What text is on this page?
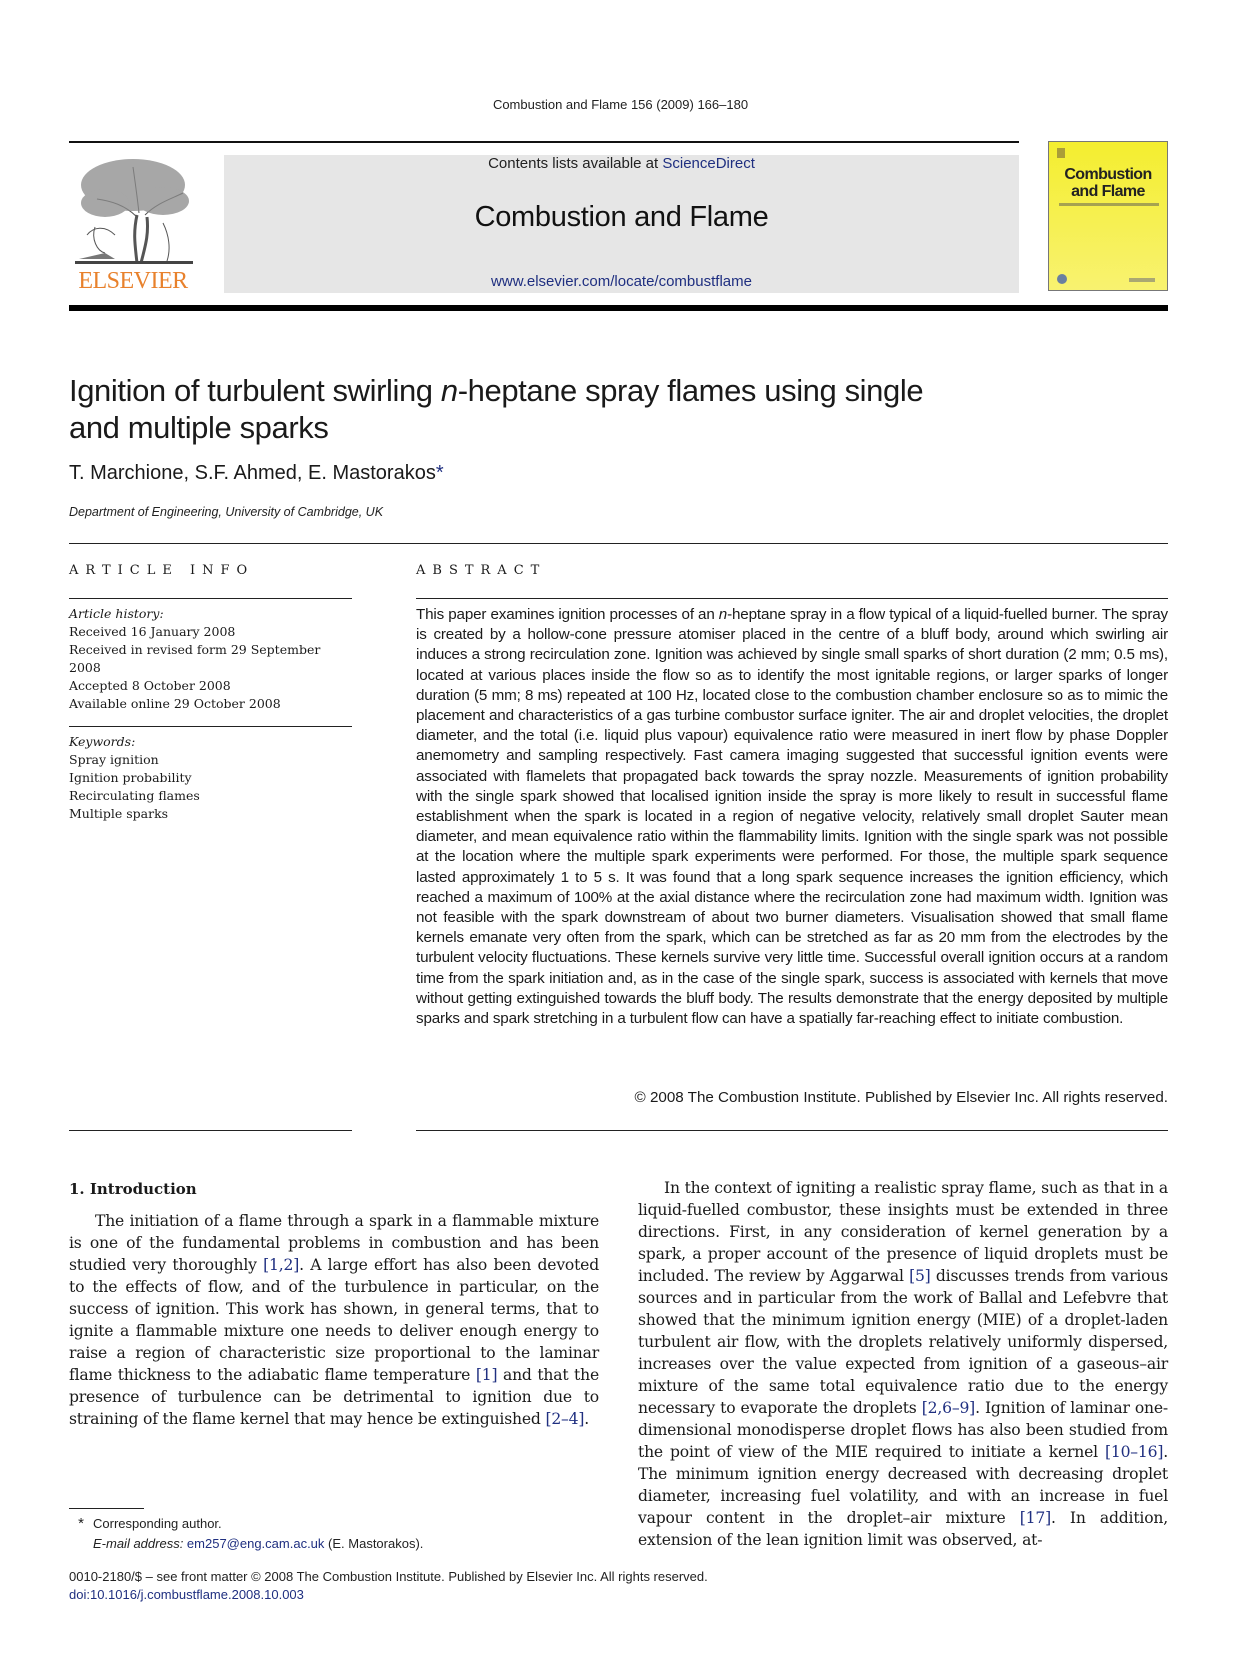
Combustion and Flame 156 (2009) 166–180
ELSEVIER
Contents lists available at ScienceDirect
Combustion and Flame
www.elsevier.com/locate/combustflame
Combustion
and Flame
Ignition of turbulent swirling n-heptane spray flames using single and multiple sparks
T. Marchione, S.F. Ahmed, E. Mastorakos*
Department of Engineering, University of Cambridge, UK
ARTICLE INFO	ABSTRACT
Article history:
Received 16 January 2008
Received in revised form 29 September 2008
Accepted 8 October 2008
Available online 29 October 2008
Keywords:
Spray ignition
Ignition probability
Recirculating flames
Multiple sparks
This paper examines ignition processes of an n-heptane spray in a flow typical of a liquid-fuelled burner. The spray is created by a hollow-cone pressure atomiser placed in the centre of a bluff body, around which swirling air induces a strong recirculation zone. Ignition was achieved by single small sparks of short duration (2 mm; 0.5 ms), located at various places inside the flow so as to identify the most ignitable regions, or larger sparks of longer duration (5 mm; 8 ms) repeated at 100 Hz, located close to the combustion chamber enclosure so as to mimic the placement and characteristics of a gas turbine combustor surface igniter. The air and droplet velocities, the droplet diameter, and the total (i.e. liquid plus vapour) equivalence ratio were measured in inert flow by phase Doppler anemometry and sampling respectively. Fast camera imaging suggested that successful ignition events were associated with flamelets that propagated back towards the spray nozzle. Measurements of ignition probability with the single spark showed that localised ignition inside the spray is more likely to result in successful flame establishment when the spark is located in a region of negative velocity, relatively small droplet Sauter mean diameter, and mean equivalence ratio within the flammability limits. Ignition with the single spark was not possible at the location where the multiple spark experiments were performed. For those, the multiple spark sequence lasted approximately 1 to 5 s. It was found that a long spark sequence increases the ignition efficiency, which reached a maximum of 100% at the axial distance where the recirculation zone had maximum width. Ignition was not feasible with the spark downstream of about two burner diameters. Visualisation showed that small flame kernels emanate very often from the spark, which can be stretched as far as 20 mm from the electrodes by the turbulent velocity fluctuations. These kernels survive very little time. Successful overall ignition occurs at a random time from the spark initiation and, as in the case of the single spark, success is associated with kernels that move without getting extinguished towards the bluff body. The results demonstrate that the energy deposited by multiple sparks and spark stretching in a turbulent flow can have a spatially far-reaching effect to initiate combustion.
© 2008 The Combustion Institute. Published by Elsevier Inc. All rights reserved.
1. Introduction
The initiation of a flame through a spark in a flammable mixture is one of the fundamental problems in combustion and has been studied very thoroughly [1,2]. A large effort has also been devoted to the effects of flow, and of the turbulence in particular, on the success of ignition. This work has shown, in general terms, that to ignite a flammable mixture one needs to deliver enough energy to raise a region of characteristic size proportional to the laminar flame thickness to the adiabatic flame temperature [1] and that the presence of turbulence can be detrimental to ignition due to straining of the flame kernel that may hence be extinguished [2–4].
In the context of igniting a realistic spray flame, such as that in a liquid-fuelled combustor, these insights must be extended in three directions. First, in any consideration of kernel generation by a spark, a proper account of the presence of liquid droplets must be included. The review by Aggarwal [5] discusses trends from various sources and in particular from the work of Ballal and Lefebvre that showed that the minimum ignition energy (MIE) of a droplet-laden turbulent air flow, with the droplets relatively uniformly dispersed, increases over the value expected from ignition of a gaseous–air mixture of the same total equivalence ratio due to the energy necessary to evaporate the droplets [2,6–9]. Ignition of laminar one-dimensional monodisperse droplet flows has also been studied from the point of view of the MIE required to initiate a kernel [10–16]. The minimum ignition energy decreased with decreasing droplet diameter, increasing fuel volatility, and with an increase in fuel vapour content in the droplet–air mixture [17]. In addition, extension of the lean ignition limit was observed, at-
* Corresponding author.
E-mail address: em257@eng.cam.ac.uk (E. Mastorakos).
0010-2180/$ – see front matter © 2008 The Combustion Institute. Published by Elsevier Inc. All rights reserved.
doi:10.1016/j.combustflame.2008.10.003
